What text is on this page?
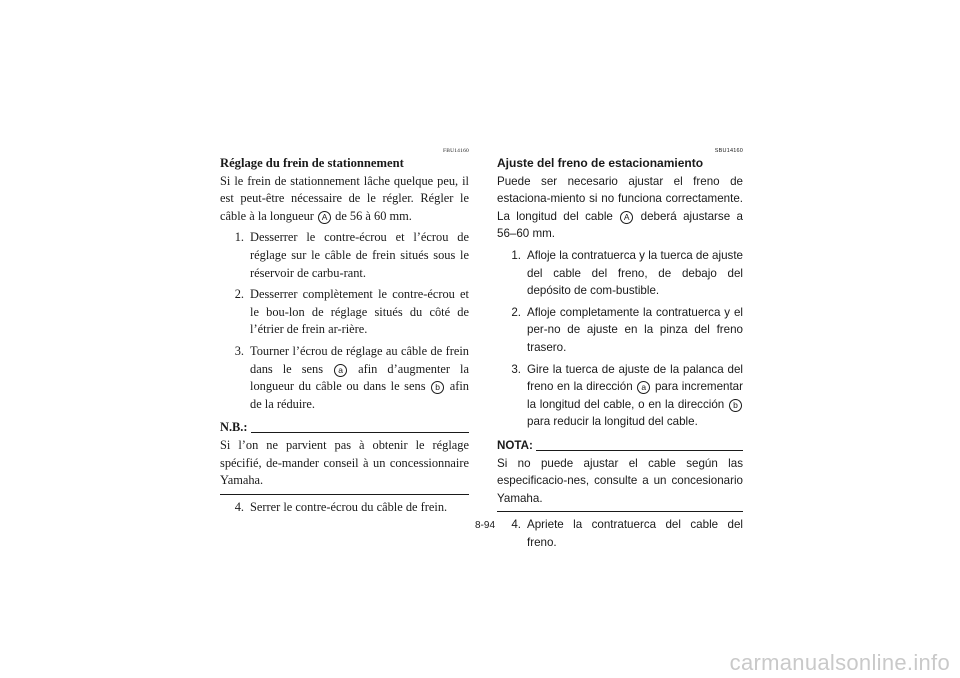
FBU14160

Réglage du frein de stationnement

Si le frein de stationnement lâche quelque peu, il est peut-être nécessaire de le régler. Régler le câble à la longueur A de 56 à 60 mm.

1. Desserrer le contre-écrou et l’écrou de réglage sur le câble de frein situés sous le réservoir de carbu-rant.
2. Desserrer complètement le contre-écrou et le bou-lon de réglage situés du côté de l’étrier de frein ar-rière.
3. Tourner l’écrou de réglage au câble de frein dans le sens a afin d’augmenter la longueur du câble ou dans le sens b afin de la réduire.
N.B.:

Si l’on ne parvient pas à obtenir le réglage spécifié, de-mander conseil à un concessionnaire Yamaha.

4. Serrer le contre-écrou du câble de frein.
SBU14160

Ajuste del freno de estacionamiento

Puede ser necesario ajustar el freno de estaciona-miento si no funciona correctamente. La longitud del cable A deberá ajustarse a 56–60 mm.

1. Afloje la contratuerca y la tuerca de ajuste del cable del freno, de debajo del depósito de com-bustible.
2. Afloje completamente la contratuerca y el per-no de ajuste en la pinza del freno trasero.
3. Gire la tuerca de ajuste de la palanca del freno en la dirección a para incrementar la longitud del cable, o en la dirección b para reducir la longitud del cable.
NOTA:

Si no puede ajustar el cable según las especificacio-nes, consulte a un concesionario Yamaha.

4. Apriete la contratuerca del cable del freno.
8-94
carmanualsonline.info
